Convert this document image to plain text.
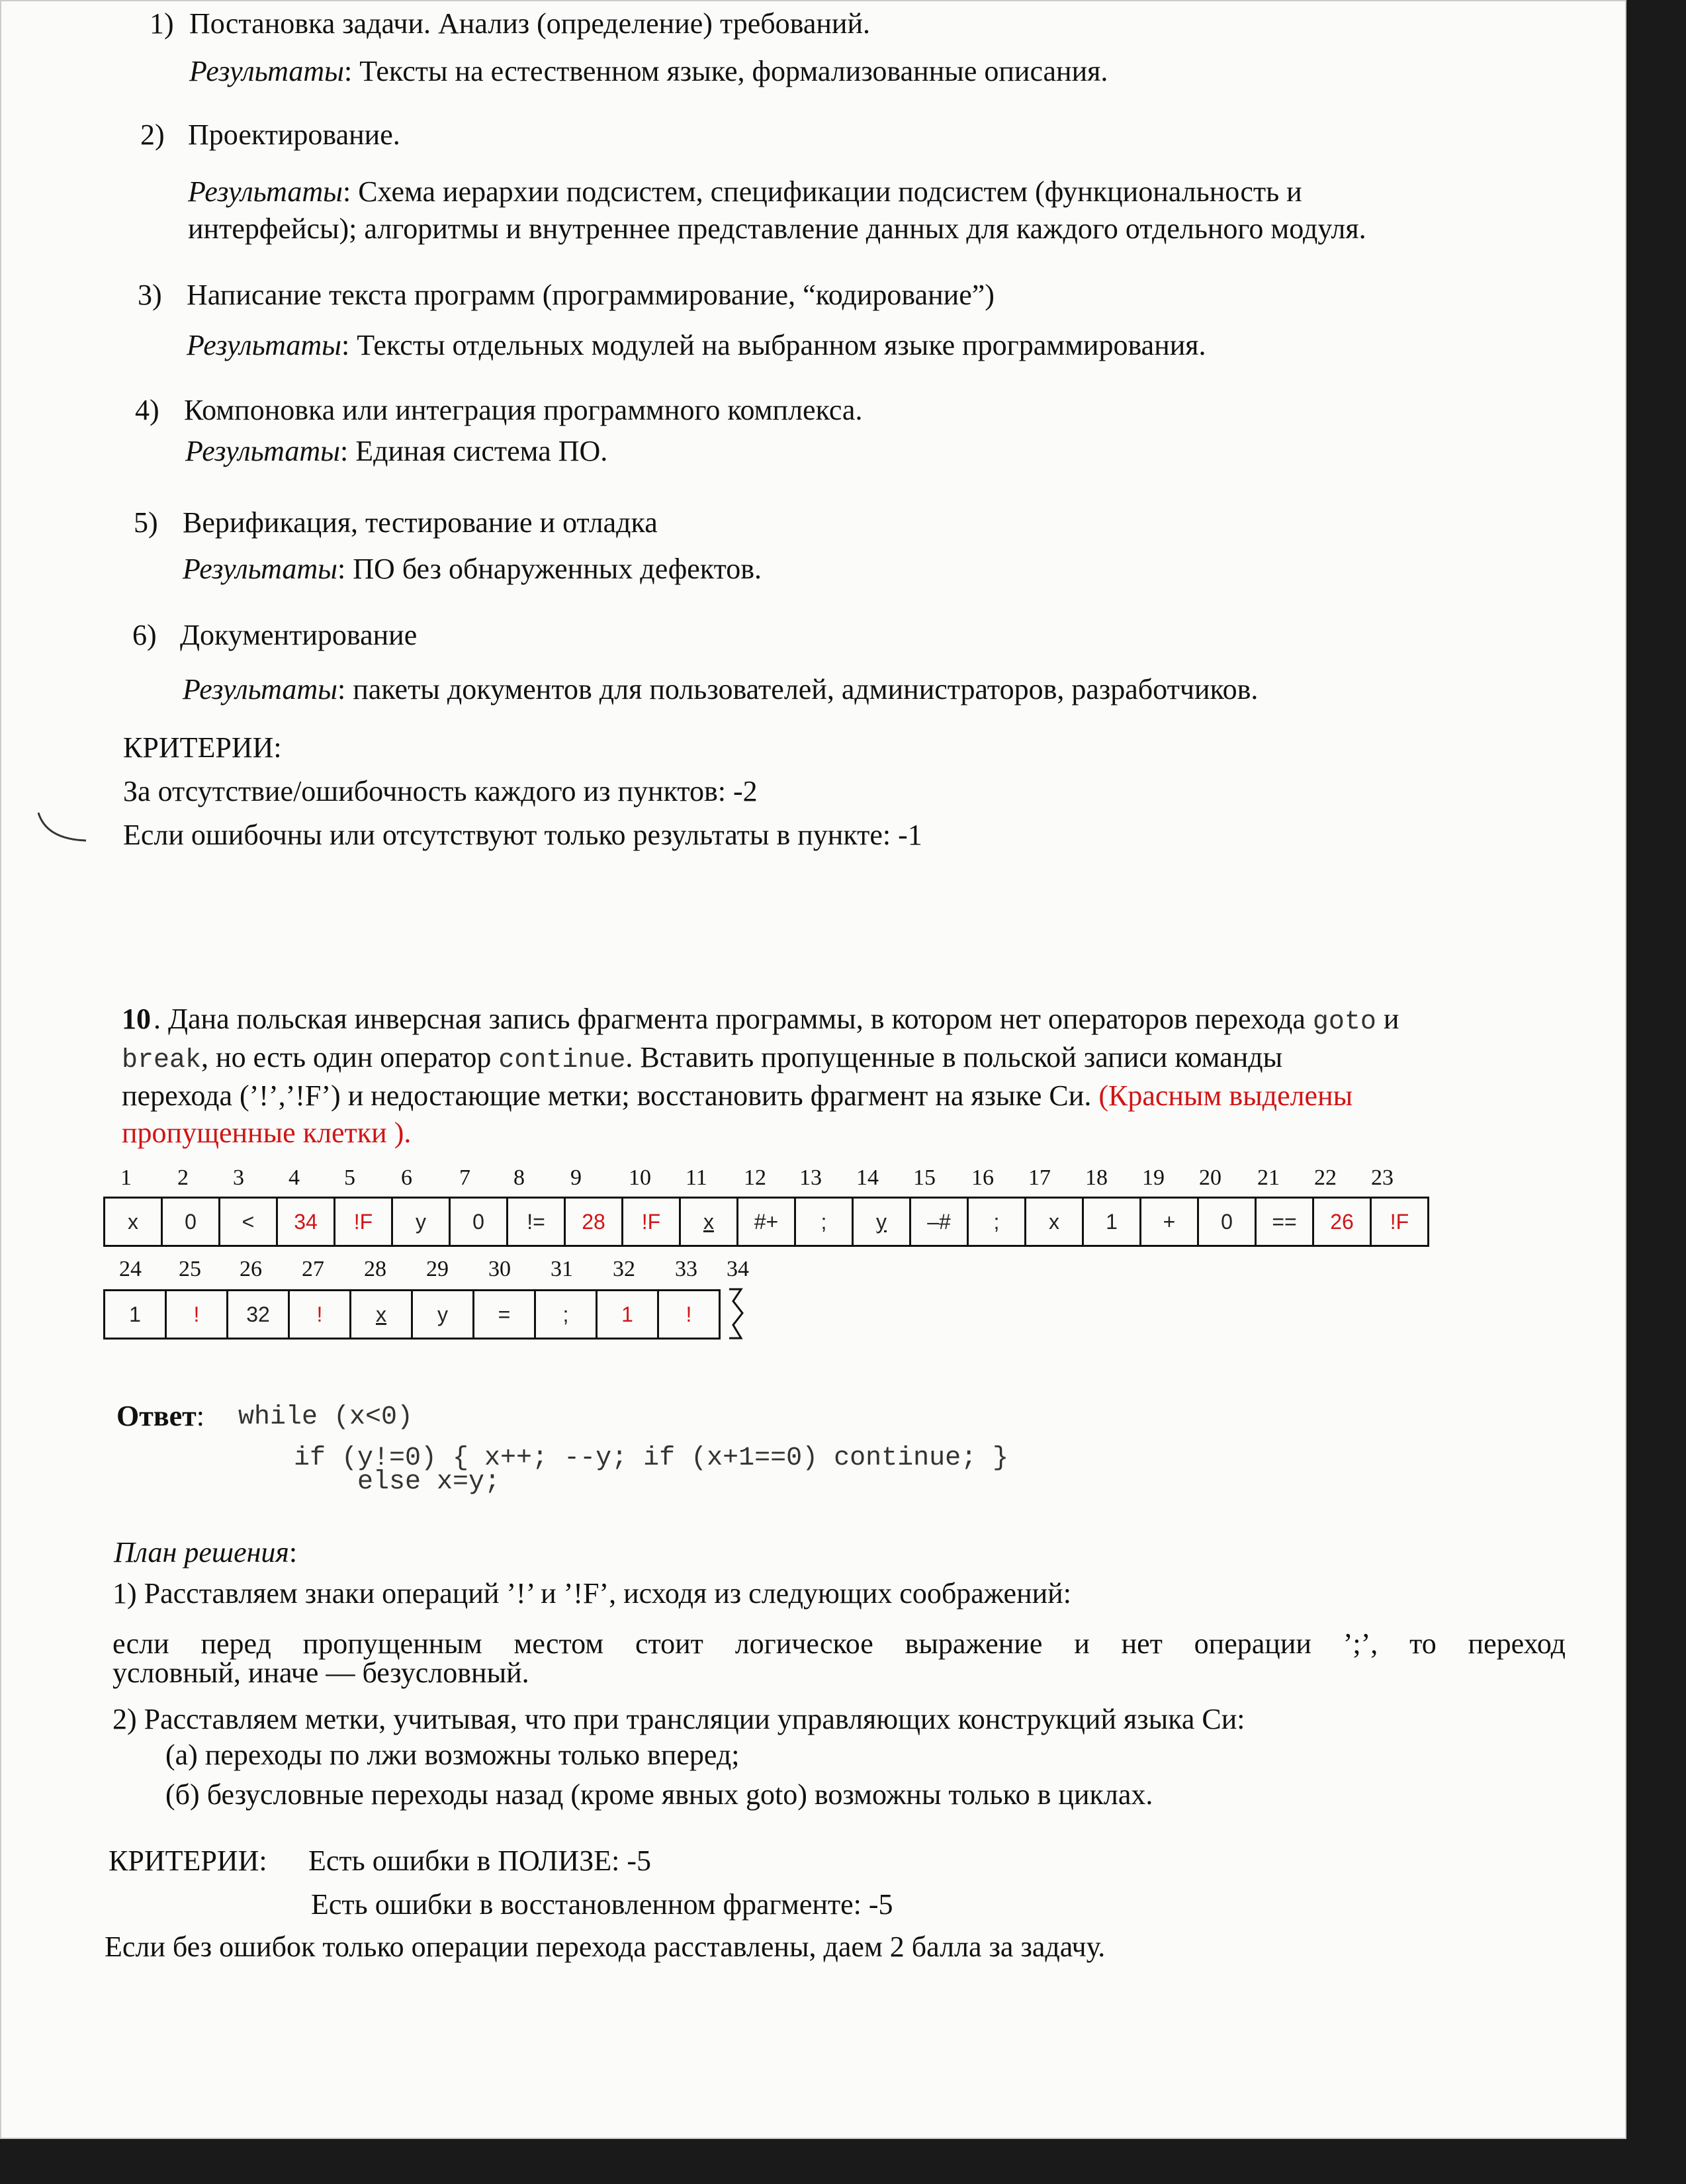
1) Постановка задачи. Анализ (определение) требований.
Результаты: Тексты на естественном языке, формализованные описания.
2) Проектирование.
Результаты: Схема иерархии подсистем, спецификации подсистем (функциональность и
интерфейсы); алгоритмы и внутреннее представление данных для каждого отдельного модуля.
3) Написание текста программ (программирование, “кодирование”)
Результаты: Тексты отдельных модулей на выбранном языке программирования.
4) Компоновка или интеграция программного комплекса.
Результаты: Единая система ПО.
5) Верификация, тестирование и отладка
Результаты: ПО без обнаруженных дефектов.
6) Документирование
Результаты: пакеты документов для пользователей, администраторов, разработчиков.
КРИТЕРИИ:
За отсутствие/ошибочность каждого из пунктов: -2
Если ошибочны или отсутствуют только результаты в пункте: -1
10 . Дана польская инверсная запись фрагмента программы, в котором нет операторов перехода goto и
break, но есть один оператор continue. Вставить пропущенные в польской записи команды
перехода (’!’,’!F’) и недостающие метки; восстановить фрагмент на языке Си. (Красным выделены
пропущенные клетки ).
1 2 3 4 5 6 7 8 9 10 11 12 13 14 15 16 17 18 19 20 21 22 23
x	0	<	34	!F	y	0	!=	28	!F	x	#+	;	y	–#	;	x	1	+	0	==	26	!F
24 25 26 27 28 29 30 31 32 33 34
1	!	32	!	x	y	=	;	1	!
Ответ: while (x<0)
if (y!=0) { x++; --y; if (x+1==0) continue; }
else x=y;
План решения:
1) Расставляем знаки операций ’!’ и ’!F’, исходя из следующих соображений:
если перед пропущенным местом стоит логическое выражение и нет операции ’;’, то переход
условный, иначе — безусловный.
2) Расставляем метки, учитывая, что при трансляции управляющих конструкций языка Си:
(а) переходы по лжи возможны только вперед;
(б) безусловные переходы назад (кроме явных goto) возможны только в циклах.
КРИТЕРИИ: Есть ошибки в ПОЛИЗЕ: -5
Есть ошибки в восстановленном фрагменте: -5
Если без ошибок только операции перехода расставлены, даем 2 балла за задачу.
